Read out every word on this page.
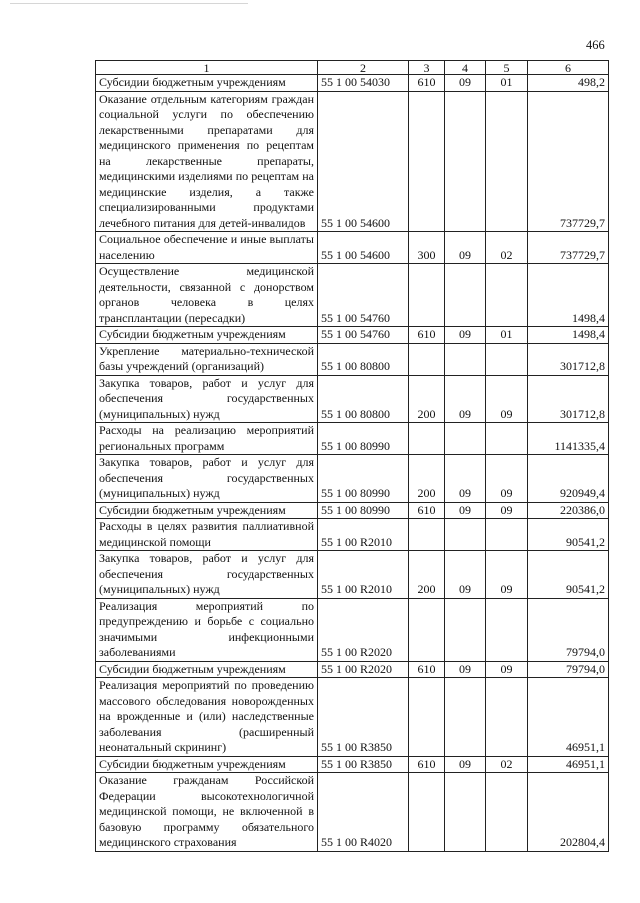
466
1	2	3	4	5	6
Субсидии бюджетным учреждениям	55 1 00 54030	610	09	01	498,2
Оказание отдельным категориям граждан социальной услуги по обеспечению лекарственными препаратами для медицинского применения по рецептам на лекарственные препараты, медицинскими изделиями по рецептам на медицинские изделия, а также специализированными продуктами лечебного питания для детей-инвалидов	55 1 00 54600				737729,7
Социальное обеспечение и иные выплаты населению	55 1 00 54600	300	09	02	737729,7
Осуществление медицинской деятельности, связанной с донорством органов человека в целях трансплантации (пересадки)	55 1 00 54760				1498,4
Субсидии бюджетным учреждениям	55 1 00 54760	610	09	01	1498,4
Укрепление материально-технической базы учреждений (организаций)	55 1 00 80800				301712,8
Закупка товаров, работ и услуг для обеспечения государственных (муниципальных) нужд	55 1 00 80800	200	09	09	301712,8
Расходы на реализацию мероприятий региональных программ	55 1 00 80990				1141335,4
Закупка товаров, работ и услуг для обеспечения государственных (муниципальных) нужд	55 1 00 80990	200	09	09	920949,4
Субсидии бюджетным учреждениям	55 1 00 80990	610	09	09	220386,0
Расходы в целях развития паллиативной медицинской помощи	55 1 00 R2010				90541,2
Закупка товаров, работ и услуг для обеспечения государственных (муниципальных) нужд	55 1 00 R2010	200	09	09	90541,2
Реализация мероприятий по предупреждению и борьбе с социально значимыми инфекционными заболеваниями	55 1 00 R2020				79794,0
Субсидии бюджетным учреждениям	55 1 00 R2020	610	09	09	79794,0
Реализация мероприятий по проведению массового обследования новорожденных на врожденные и (или) наследственные заболевания (расширенный неонатальный скрининг)	55 1 00 R3850				46951,1
Субсидии бюджетным учреждениям	55 1 00 R3850	610	09	02	46951,1
Оказание гражданам Российской Федерации высокотехнологичной медицинской помощи, не включенной в базовую программу обязательного медицинского страхования	55 1 00 R4020				202804,4
